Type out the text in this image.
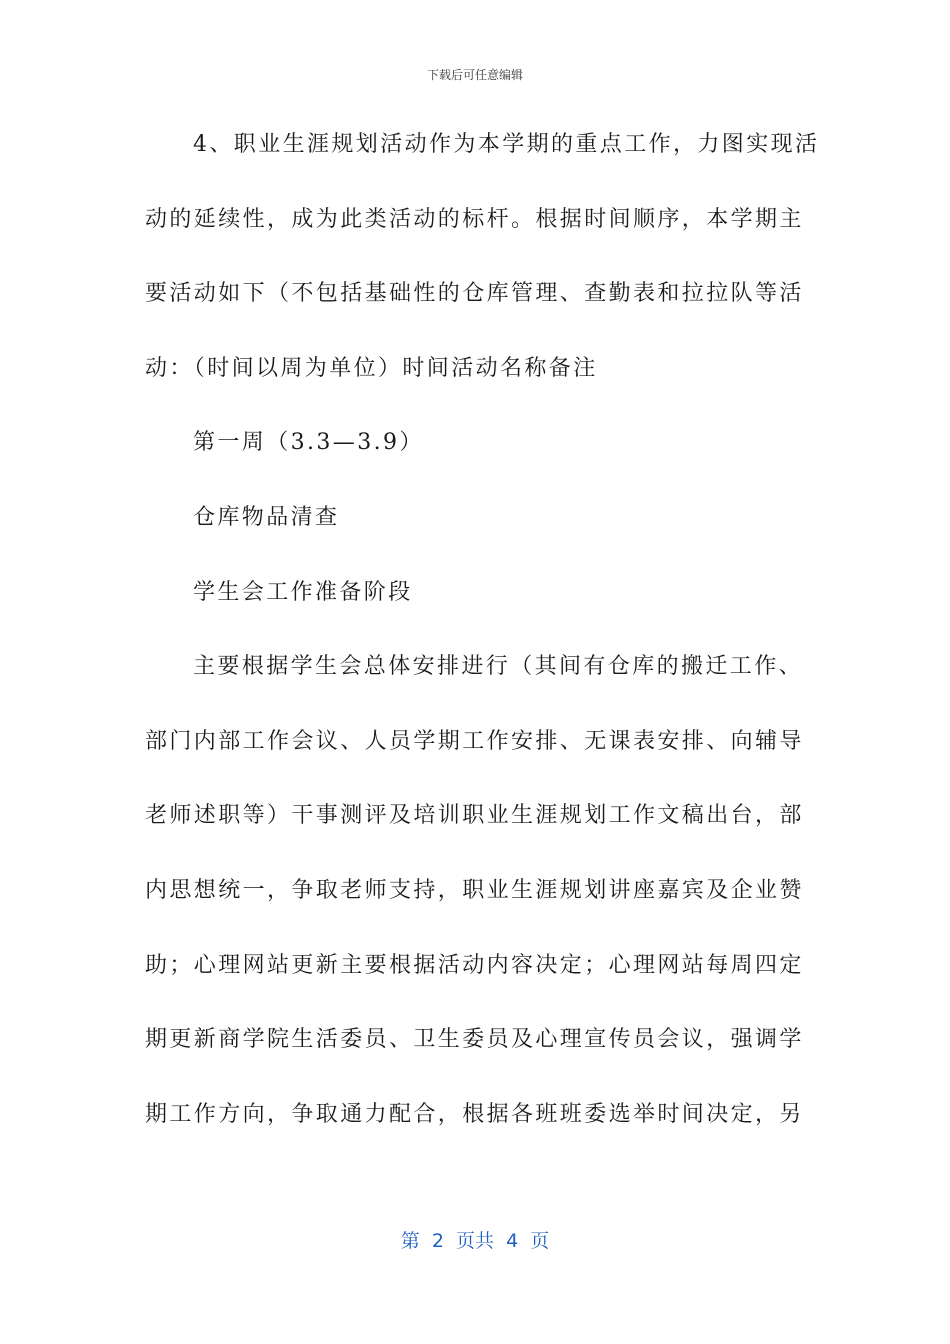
下载后可任意编辑
4、职业生涯规划活动作为本学期的重点工作，力图实现活
动的延续性，成为此类活动的标杆。根据时间顺序，本学期主
要活动如下（不包括基础性的仓库管理、查勤表和拉拉队等活
动：（时间以周为单位）时间活动名称备注
第一周（3.3—3.9）
仓库物品清查
学生会工作准备阶段
主要根据学生会总体安排进行（其间有仓库的搬迁工作、
部门内部工作会议、人员学期工作安排、无课表安排、向辅导
老师述职等）干事测评及培训职业生涯规划工作文稿出台，部
内思想统一，争取老师支持，职业生涯规划讲座嘉宾及企业赞
助；心理网站更新主要根据活动内容决定；心理网站每周四定
期更新商学院生活委员、卫生委员及心理宣传员会议，强调学
期工作方向，争取通力配合，根据各班班委选举时间决定，另
第  2  页共  4  页
